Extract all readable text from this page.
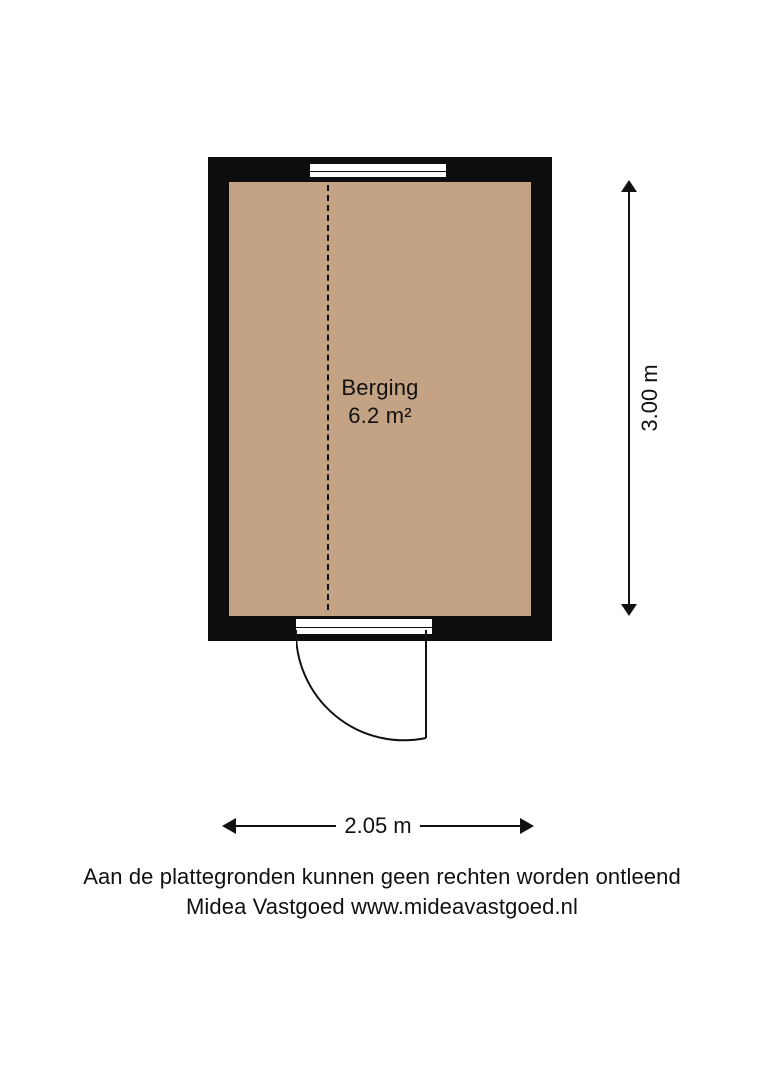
Berging
6.2 m²	3.00 m
2.05 m
Aan de plattegronden kunnen geen rechten worden ontleend
Midea Vastgoed www.mideavastgoed.nl
